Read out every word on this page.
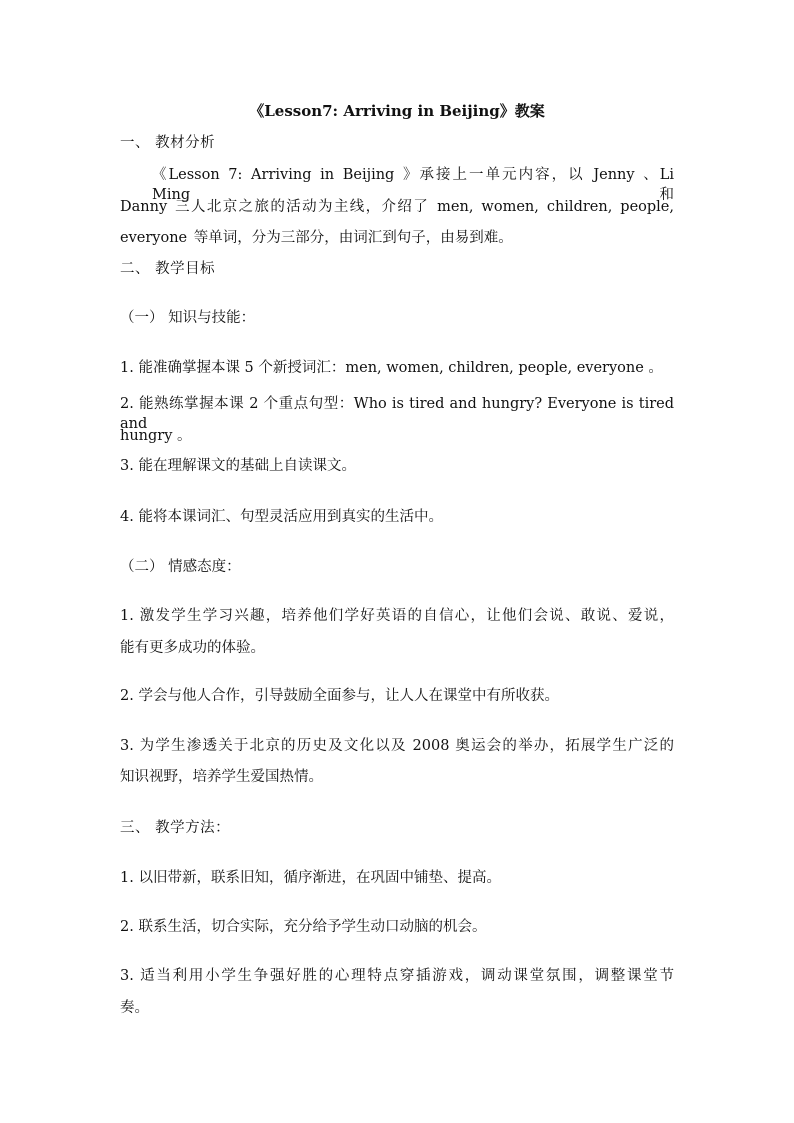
《Lesson7: Arriving in Beijing》教案
一、 教材分析
《Lesson 7: Arriving in Beijing 》承接上一单元内容，以 Jenny 、Li Ming 和
Danny 三人北京之旅的活动为主线，介绍了 men, women, children, people,
everyone 等单词，分为三部分，由词汇到句子，由易到难。
二、 教学目标
（一） 知识与技能：
1. 能准确掌握本课 5 个新授词汇：men, women, children, people, everyone 。
2. 能熟练掌握本课 2 个重点句型：Who is tired and hungry? Everyone is tired and
hungry 。
3. 能在理解课文的基础上自读课文。
4. 能将本课词汇、句型灵活应用到真实的生活中。
（二） 情感态度：
1. 激发学生学习兴趣，培养他们学好英语的自信心，让他们会说、敢说、爱说，
能有更多成功的体验。
2. 学会与他人合作，引导鼓励全面参与，让人人在课堂中有所收获。
3. 为学生渗透关于北京的历史及文化以及 2008 奥运会的举办，拓展学生广泛的
知识视野，培养学生爱国热情。
三、 教学方法：
1. 以旧带新，联系旧知，循序渐进，在巩固中铺垫、提高。
2. 联系生活，切合实际，充分给予学生动口动脑的机会。
3. 适当利用小学生争强好胜的心理特点穿插游戏，调动课堂氛围，调整课堂节
奏。
